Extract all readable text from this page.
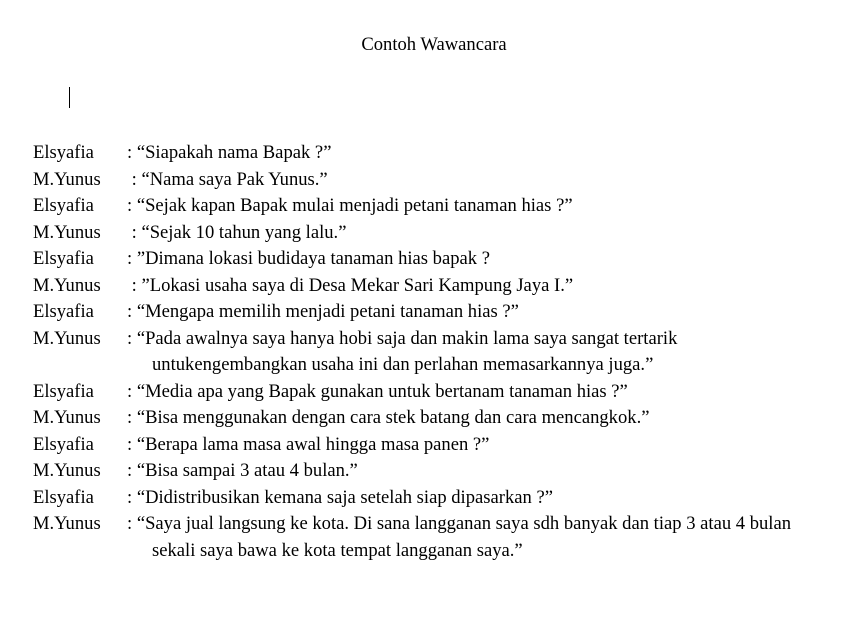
Contoh Wawancara
Elsyafia : “Siapakah nama Bapak ?”
M.Yunus : “Nama saya Pak Yunus.”
Elsyafia : “Sejak kapan Bapak mulai menjadi petani tanaman hias ?”
M.Yunus : “Sejak 10 tahun yang lalu.”
Elsyafia : ”Dimana lokasi budidaya tanaman hias bapak ?
M.Yunus : ”Lokasi usaha saya di Desa Mekar Sari Kampung Jaya I.”
Elsyafia : “Mengapa memilih menjadi petani tanaman hias ?”
M.Yunus : “Pada awalnya saya hanya hobi saja dan makin lama saya sangat tertarik
untukengembangkan usaha ini dan perlahan memasarkannya juga.”
Elsyafia : “Media apa yang Bapak gunakan untuk bertanam tanaman hias ?”
M.Yunus : “Bisa menggunakan dengan cara stek batang dan cara mencangkok.”
Elsyafia : “Berapa lama masa awal hingga masa panen ?”
M.Yunus : “Bisa sampai 3 atau 4 bulan.”
Elsyafia : “Didistribusikan kemana saja setelah siap dipasarkan ?”
M.Yunus : “Saya jual langsung ke kota. Di sana langganan saya sdh banyak dan tiap 3 atau 4 bulan
sekali saya bawa ke kota tempat langganan saya.”
